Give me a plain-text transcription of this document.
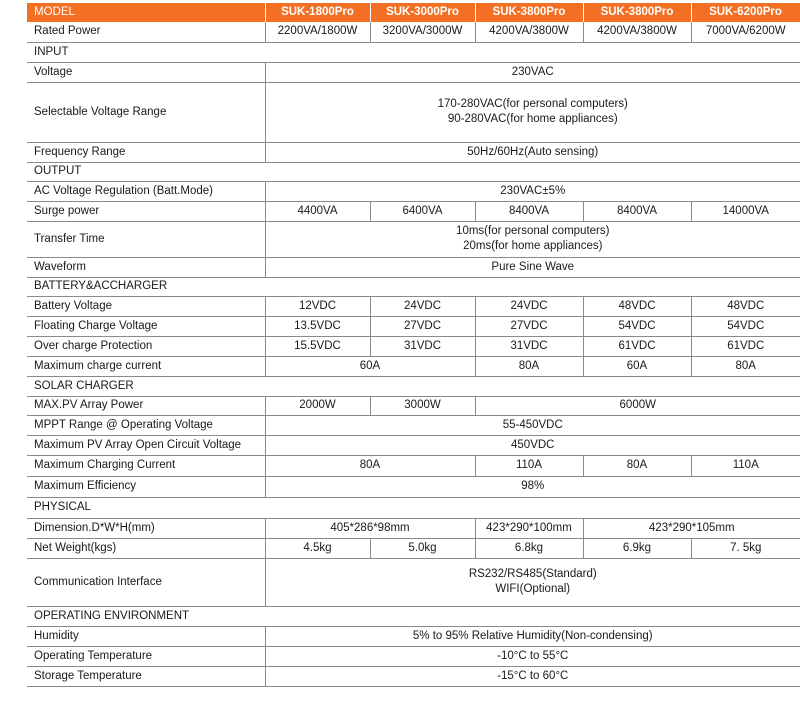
MODEL	SUK-1800Pro	SUK-3000Pro	SUK-3800Pro	SUK-3800Pro	SUK-6200Pro
Rated Power	2200VA/1800W	3200VA/3000W	4200VA/3800W	4200VA/3800W	7000VA/6200W
INPUT					
Voltage	230VAC				
Selectable Voltage Range	170-280VAC(for personal computers)
90-280VAC(for home appliances)				

Frequency Range	50Hz/60Hz(Auto sensing)				
OUTPUT					
AC Voltage Regulation (Batt.Mode)	230VAC±5%				
Surge power	4400VA	6400VA	8400VA	8400VA	14000VA
Transfer Time	10ms(for personal computers)
20ms(for home appliances)				

Waveform	Pure Sine Wave				
BATTERY&ACCHARGER					
Battery Voltage	12VDC	24VDC	24VDC	48VDC	48VDC
Floating Charge Voltage	13.5VDC	27VDC	27VDC	54VDC	54VDC
Over charge Protection	15.5VDC	31VDC	31VDC	61VDC	61VDC
Maximum charge current	60A		80A	60A	80A
SOLAR CHARGER					
MAX.PV Array Power	2000W	3000W	6000W		
MPPT Range @ Operating Voltage	55-450VDC				
Maximum PV Array Open Circuit Voltage	450VDC				
Maximum Charging Current	80A		110A	80A	110A
Maximum Efficiency	98%				
PHYSICAL					
Dimension.D*W*H(mm)	405*286*98mm		423*290*100mm	423*290*105mm	
Net Weight(kgs)	4.5kg	5.0kg	6.8kg	6.9kg	7. 5kg
Communication Interface	RS232/RS485(Standard)
WIFI(Optional)				

OPERATING ENVIRONMENT					
Humidity	5% to 95% Relative Humidity(Non-condensing)				
Operating Temperature	-10°C to 55°C				
Storage Temperature	-15°C to 60°C				
